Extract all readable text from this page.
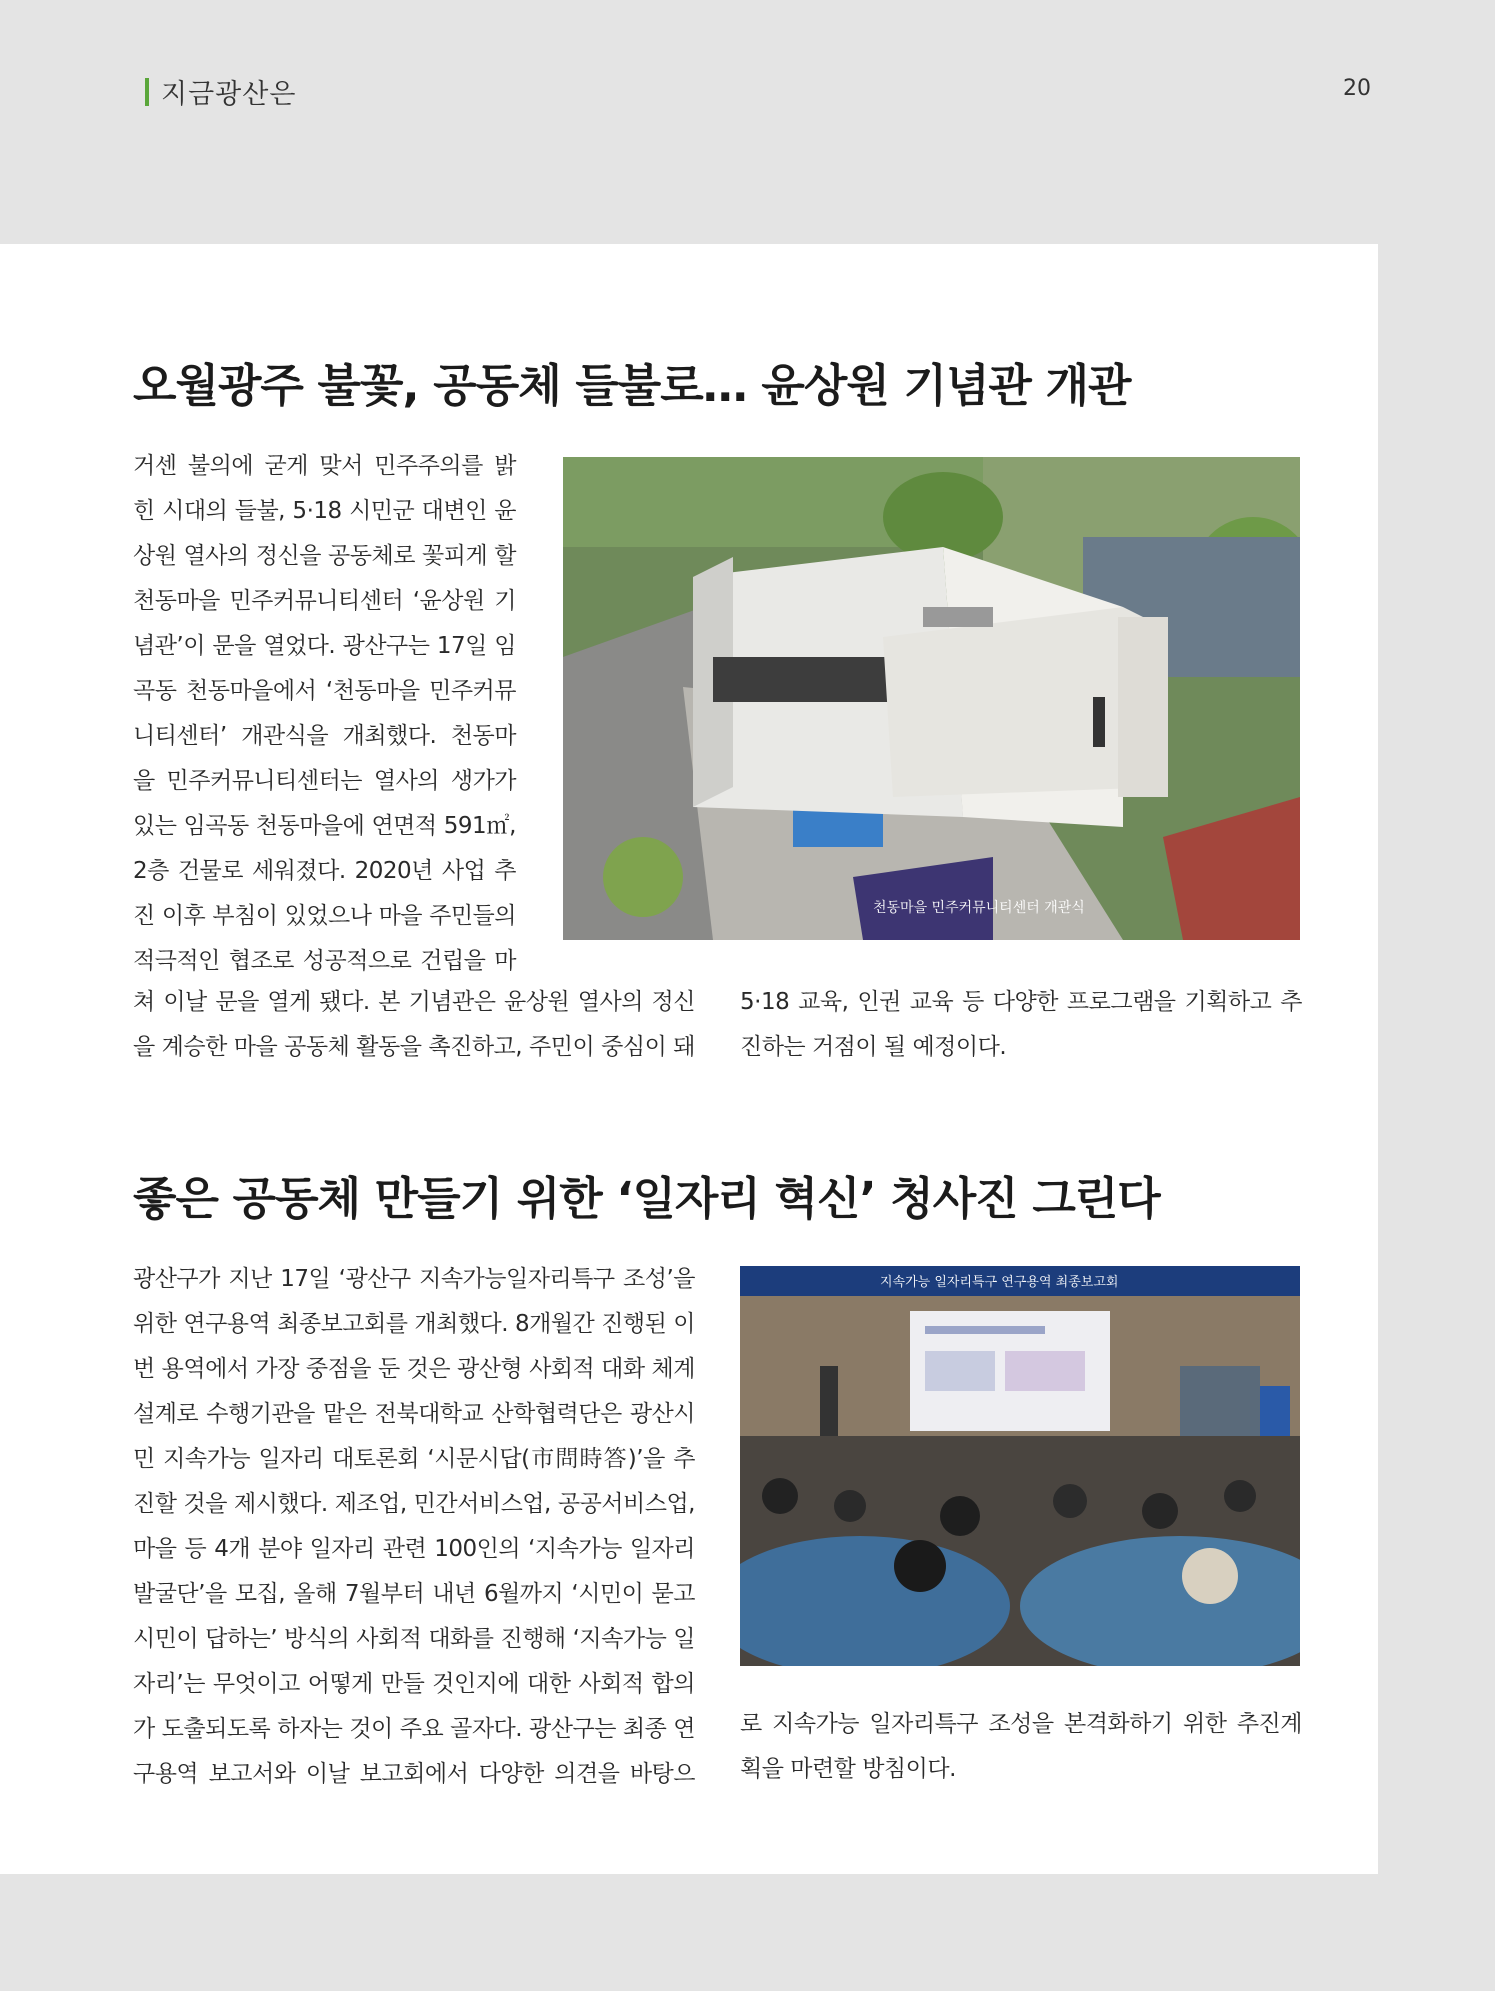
지금광산은	20
오월광주 불꽃, 공동체 들불로… 윤상원 기념관 개관

거센 불의에 굳게 맞서 민주주의를 밝

힌 시대의 들불, 5·18 시민군 대변인 윤

상원 열사의 정신을 공동체로 꽃피게 할

천동마을 민주커뮤니티센터 ‘윤상원 기

념관’이 문을 열었다. 광산구는 17일 임

곡동 천동마을에서 ‘천동마을 민주커뮤

니티센터’ 개관식을 개최했다. 천동마

을 민주커뮤니티센터는 열사의 생가가

있는 임곡동 천동마을에 연면적 591㎡,

2층 건물로 세워졌다. 2020년 사업 추

진 이후 부침이 있었으나 마을 주민들의

적극적인 협조로 성공적으로 건립을 마

천동마을 민주커뮤니티센터 개관식

쳐 이날 문을 열게 됐다. 본 기념관은 윤상원 열사의 정신

을 계승한 마을 공동체 활동을 촉진하고, 주민이 중심이 돼

5·18 교육, 인권 교육 등 다양한 프로그램을 기획하고 추

진하는 거점이 될 예정이다.

좋은 공동체 만들기 위한 ‘일자리 혁신’ 청사진 그린다

광산구가 지난 17일 ‘광산구 지속가능일자리특구 조성’을

위한 연구용역 최종보고회를 개최했다. 8개월간 진행된 이

번 용역에서 가장 중점을 둔 것은 광산형 사회적 대화 체계

설계로 수행기관을 맡은 전북대학교 산학협력단은 광산시

민 지속가능 일자리 대토론회 ‘시문시답(市問時答)’을 추

진할 것을 제시했다. 제조업, 민간서비스업, 공공서비스업,

마을 등 4개 분야 일자리 관련 100인의 ‘지속가능 일자리

발굴단’을 모집, 올해 7월부터 내년 6월까지 ‘시민이 묻고

시민이 답하는’ 방식의 사회적 대화를 진행해 ‘지속가능 일

자리’는 무엇이고 어떻게 만들 것인지에 대한 사회적 합의

가 도출되도록 하자는 것이 주요 골자다. 광산구는 최종 연

구용역 보고서와 이날 보고회에서 다양한 의견을 바탕으

지속가능 일자리특구 연구용역 최종보고회

로 지속가능 일자리특구 조성을 본격화하기 위한 추진계

획을 마련할 방침이다.
